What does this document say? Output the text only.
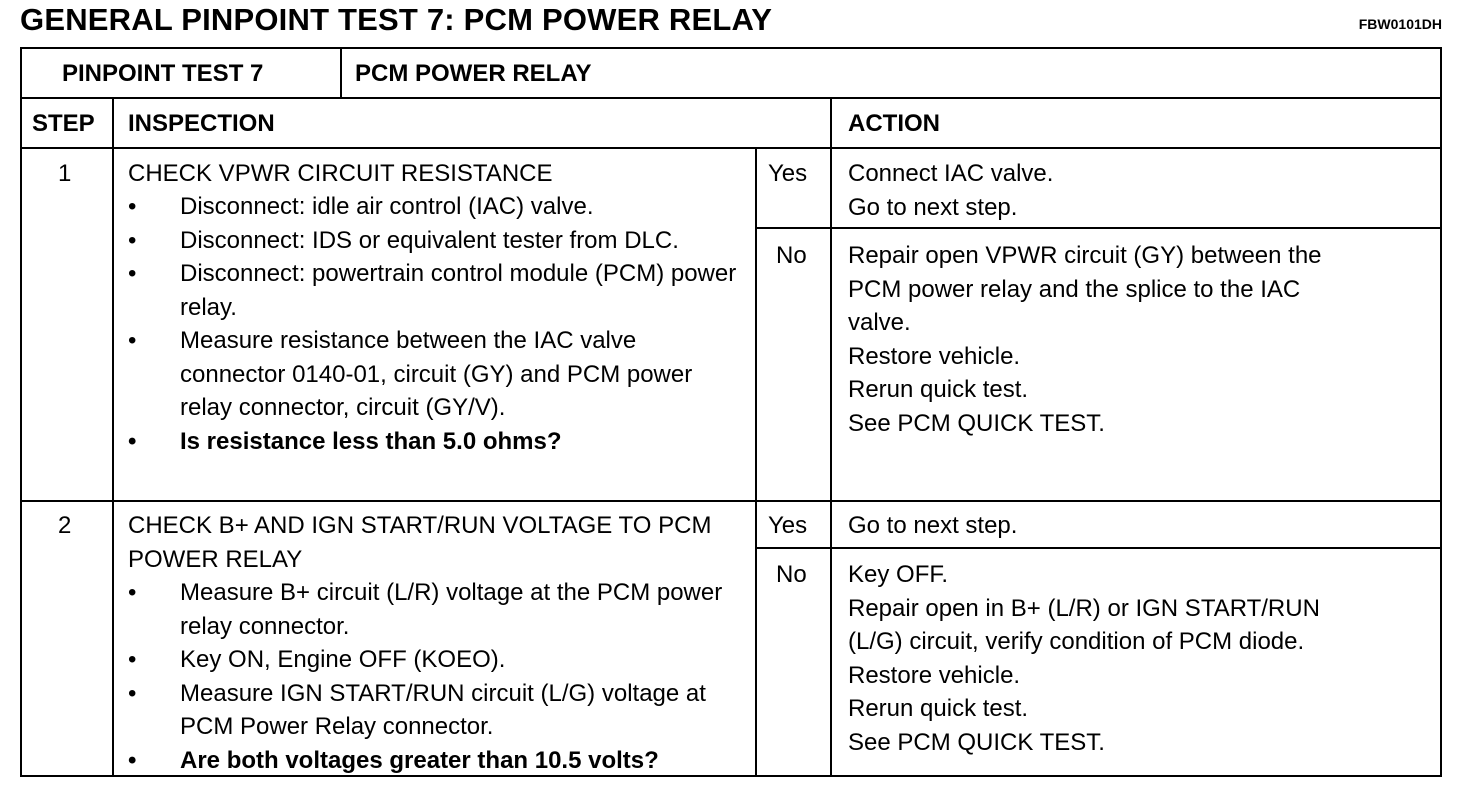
GENERAL PINPOINT TEST 7: PCM POWER RELAY	FBW0101DH
PINPOINT TEST 7	PCM POWER RELAY
STEP INSPECTION	ACTION
1 CHECK VPWR CIRCUIT RESISTANCE
• Disconnect: idle air control (IAC) valve.
• Disconnect: IDS or equivalent tester from DLC.
• Disconnect: powertrain control module (PCM) power relay.
• Measure resistance between the IAC valve connector 0140-01, circuit (GY) and PCM power relay connector, circuit (GY/V).
• Is resistance less than 5.0 ohms?
Yes Connect IAC valve.
Go to next step.
No Repair open VPWR circuit (GY) between the
PCM power relay and the splice to the IAC
valve.
Restore vehicle.
Rerun quick test.
See PCM QUICK TEST.
2 CHECK B+ AND IGN START/RUN VOLTAGE TO PCM POWER RELAY
• Measure B+ circuit (L/R) voltage at the PCM power relay connector.
• Key ON, Engine OFF (KOEO).
• Measure IGN START/RUN circuit (L/G) voltage at PCM Power Relay connector.
• Are both voltages greater than 10.5 volts?
Yes Go to next step.
No Key OFF.
Repair open in B+ (L/R) or IGN START/RUN
(L/G) circuit, verify condition of PCM diode.
Restore vehicle.
Rerun quick test.
See PCM QUICK TEST.
